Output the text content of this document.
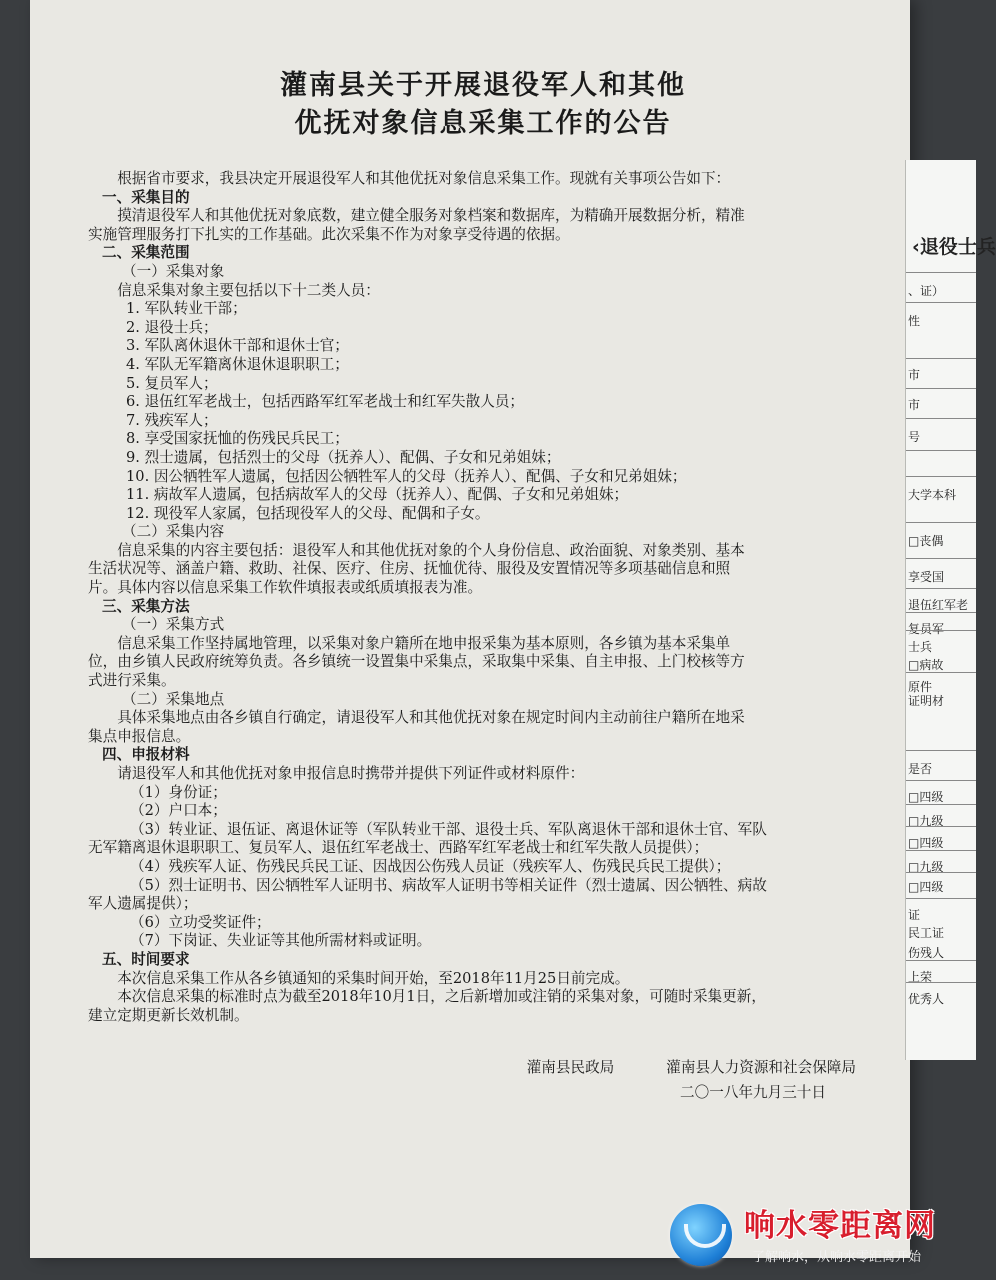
灌南县关于开展退役军人和其他
优抚对象信息采集工作的公告
根据省市要求，我县决定开展退役军人和其他优抚对象信息采集工作。现就有关事项公告如下：
一、采集目的
摸清退役军人和其他优抚对象底数，建立健全服务对象档案和数据库，为精确开展数据分析，精准
实施管理服务打下扎实的工作基础。此次采集不作为对象享受待遇的依据。
二、采集范围
（一）采集对象
信息采集对象主要包括以下十二类人员：
1. 军队转业干部；
2. 退役士兵；
3. 军队离休退休干部和退休士官；
4. 军队无军籍离休退休退职职工；
5. 复员军人；
6. 退伍红军老战士，包括西路军红军老战士和红军失散人员；
7. 残疾军人；
8. 享受国家抚恤的伤残民兵民工；
9. 烈士遗属，包括烈士的父母（抚养人）、配偶、子女和兄弟姐妹；
10. 因公牺牲军人遗属，包括因公牺牲军人的父母（抚养人）、配偶、子女和兄弟姐妹；
11. 病故军人遗属，包括病故军人的父母（抚养人）、配偶、子女和兄弟姐妹；
12. 现役军人家属，包括现役军人的父母、配偶和子女。
（二）采集内容
信息采集的内容主要包括：退役军人和其他优抚对象的个人身份信息、政治面貌、对象类别、基本
生活状况等、涵盖户籍、救助、社保、医疗、住房、抚恤优待、服役及安置情况等多项基础信息和照
片。具体内容以信息采集工作软件填报表或纸质填报表为准。
三、采集方法
（一）采集方式
信息采集工作坚持属地管理，以采集对象户籍所在地申报采集为基本原则，各乡镇为基本采集单
位，由乡镇人民政府统筹负责。各乡镇统一设置集中采集点，采取集中采集、自主申报、上门校核等方
式进行采集。
（二）采集地点
具体采集地点由各乡镇自行确定，请退役军人和其他优抚对象在规定时间内主动前往户籍所在地采
集点申报信息。
四、申报材料
请退役军人和其他优抚对象申报信息时携带并提供下列证件或材料原件：
（1）身份证；
（2）户口本；
（3）转业证、退伍证、离退休证等（军队转业干部、退役士兵、军队离退休干部和退休士官、军队
无军籍离退休退职职工、复员军人、退伍红军老战士、西路军红军老战士和红军失散人员提供）；
（4）残疾军人证、伤残民兵民工证、因战因公伤残人员证（残疾军人、伤残民兵民工提供）；
（5）烈士证明书、因公牺牲军人证明书、病故军人证明书等相关证件（烈士遗属、因公牺牲、病故
军人遗属提供）；
（6）立功受奖证件；
（7）下岗证、失业证等其他所需材料或证明。
五、时间要求
本次信息采集工作从各乡镇通知的采集时间开始，至2018年11月25日前完成。
本次信息采集的标准时点为截至2018年10月1日，之后新增加或注销的采集对象，可随时采集更新，
建立定期更新长效机制。
灌南县民政局	灌南县人力资源和社会保障局
二〇一八年九月三十日
‹退役士兵
、证）
性
市
市
号
大学本科
□丧偶
享受国
退伍红军老
复员军
士兵
□病故
原件
证明材
是否
□四级
□九级
□四级
□九级
□四级
证
民工证
伤残人
上荣
优秀人
响水零距离网
了解响水，从响水零距离开始
